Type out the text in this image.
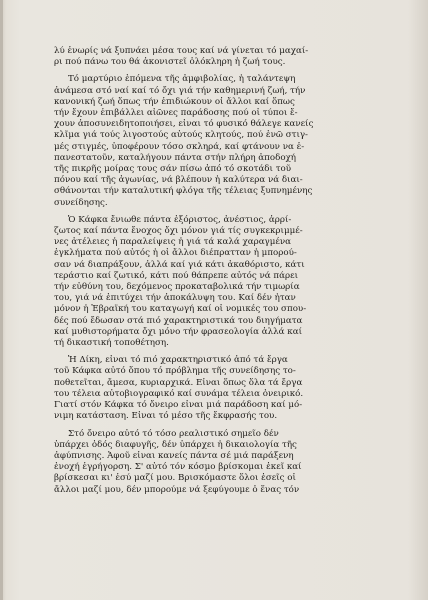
λύ ἐνωρίς νά ξυπνάει μέσα τους καί νά γίνεται τό μαχαί-
ρι πού πάνω του θά ἀκονιστεῖ ὁλόκληρη ἡ ζωή τους.
Τό μαρτύριο ἑπόμενα τῆς ἀμφιβολίας, ἡ ταλάντεψη
ἀνάμεσα στό ναί καί τό ὄχι γιά τήν καθημερινή ζωή, τήν
κανονική ζωή ὅπως τήν ἐπιδιώκουν οἱ ἄλλοι καί ὅπως
τήν ἔχουν ἐπιβάλλει αἰῶνες παράδοσης πού οἱ τύποι ἔ-
χουν ἀποσυνειδητοποιήσει, εἶναι τό φυσικό θάλεγε κανείς
κλῖμα γιά τούς λιγοστούς αὐτούς κλητούς, πού ἐνῶ στιγ-
μές στιγμές, ὑποφέρουν τόσο σκληρά, καί φτάνουν να ἐ-
πανεστατοῦν, καταλήγουν πάντα στήν πλήρη ἀποδοχή
τῆς πικρῆς μοίρας τους σάν πίσω ἀπό τό σκοτάδι τοῦ
πόνου καί τῆς ἀγωνίας, νά βλέπουν ἡ καλύτερα νά διαι-
σθάνονται τήν καταλυτική φλόγα τῆς τέλειας ξυπνημένης
συνείδησης.
Ὁ Κάφκα ἔνιωθε πάντα ἐξόριστος, ἀνέστιος, ἀρρί-
ζωτος καί πάντα ἔνοχος ὄχι μόνον γιά τίς συγκεκριμμέ-
νες ἀτέλειες ἡ παραλείψεις ἡ γιά τά καλά χαραγμένα
ἐγκλήματα πού αὐτός ἡ οἱ ἄλλοι διέπρατταν ἡ μπορού-
σαν νά διαπράξουν, ἀλλά καί γιά κάτι ἀκαθόριστο, κάτι
τεράστιο καί ζωτικό, κάτι πού θάπρεπε αὐτός νά πάρει
τήν εὐθύνη του, δεχόμενος προκαταβολικά τήν τιμωρία
του, γιά νά ἐπιτύχει τήν ἀποκάλυψη του. Καί δέν ἦταν
μόνον ἡ Ἑβραϊκή του καταγωγή καί οἱ νομικές του σπου-
δές πού ἔδωσαν στά πιό χαρακτηριστικά του διηγήματα
καί μυθιστορήματα ὄχι μόνο τήν φρασεολογία ἀλλά καί
τή δικαστική τοποθέτηση.
Ἡ Δίκη, εἶναι τό πιό χαρακτηριστικό ἀπό τά ἔργα
τοῦ Κάφκα αὐτό ὅπου τό πρόβλημα τῆς συνείδησης το-
ποθετεῖται, ἄμεσα, κυριαρχικά. Εἶναι ὅπως ὅλα τά ἔργα
του τέλεια αὐτοβιογραφικό καί συνάμα τέλεια ὀνειρικό.
Γιατί στόν Κάφκα τό ὄνειρο εἶναι μιά παράδοση καί μό-
νιμη κατάσταση. Εἶναι τό μέσο τῆς ἔκφρασής του.
Στό ὄνειρο αὐτό τό τόσο ρεαλιστικό σημεῖο δέν
ὑπάρχει ὁδός διαφυγῆς, δέν ὑπάρχει ἡ δικαιολογία τῆς
ἀφύπνισης. Ἀφοῦ εἶναι κανείς πάντα σέ μιά παράξενη
ἐνοχή ἐγρήγορση. Σ' αὐτό τόν κόσμο βρίσκομαι ἐκεῖ καί
βρίσκεσαι κι' ἐσύ μαζί μου. Βρισκόμαστε ὅλοι ἐσεῖς οἱ
ἄλλοι μαζί μου, δέν μπορούμε νά ξεφύγουμε ὁ ἕνας τόν
